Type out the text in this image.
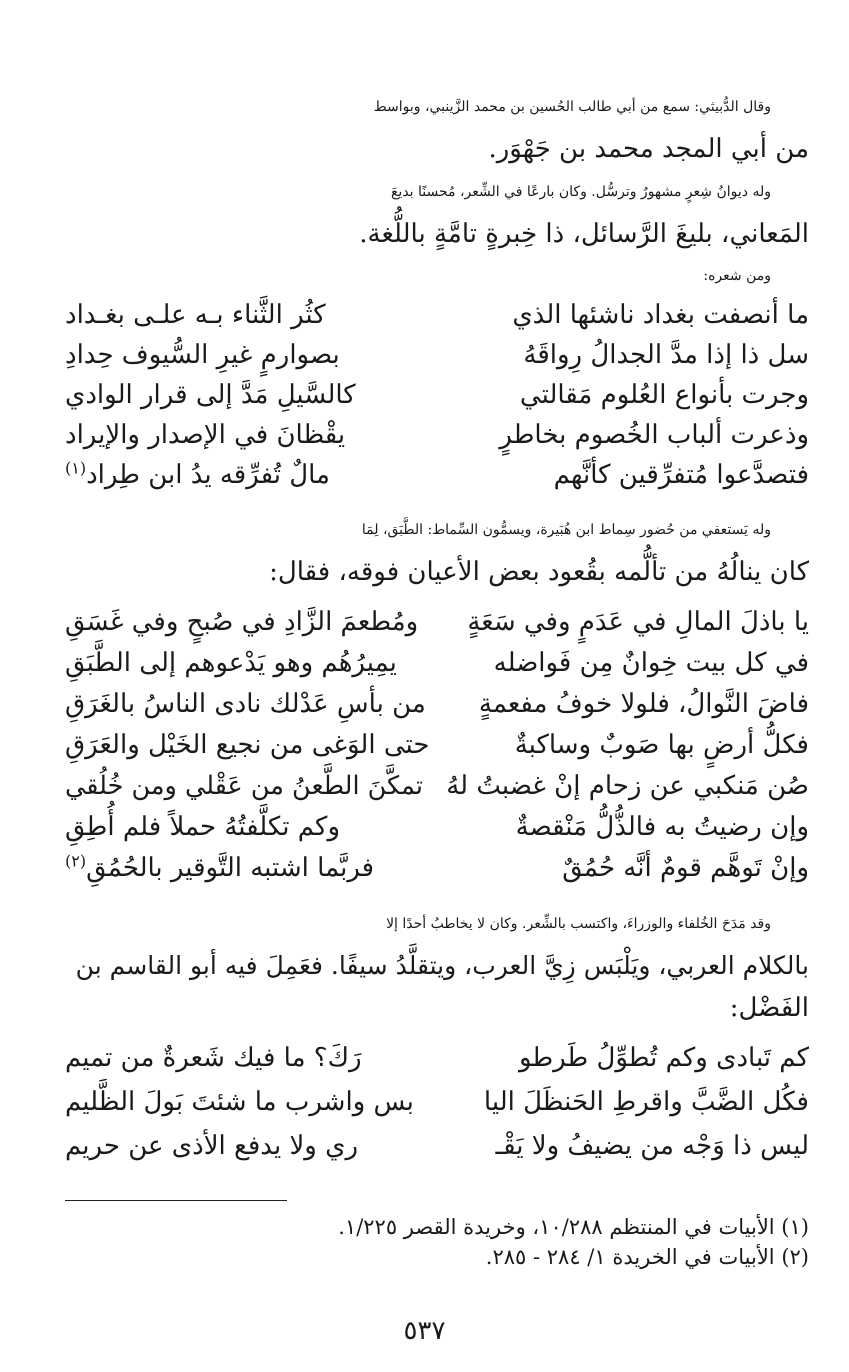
وقال الدُّبيثي: سمع من أبي طالب الحُسين بن محمد الزَّينبي، وبواسط
من أبي المجد محمد بن جَهْوَر.
وله ديوانُ شِعرٍ مشهورٌ وترسُّل. وكان بارعًا في الشِّعر، مُحسنًا بديعَ
المَعاني، بليغَ الرَّسائل، ذا خِبرةٍ تامَّةٍ باللُّغة.
ومن شعره:
ما أنصفت بغداد ناشئها الذي
كثُر الثَّناء بـه علـى بغـداد
سل ذا إذا مدَّ الجدالُ رِواقَهُ
بصوارمٍ غيرِ السُّيوف حِدادِ
وجرت بأنواع العُلوم مَقالتي
كالسَّيلِ مَدَّ إلى قرار الوادي
وذعرت ألباب الخُصوم بخاطرٍ
يقْظانَ في الإصدار والإيراد
فتصدَّعوا مُتفرِّقين كأنَّهم
مالٌ تُفرِّقه يدُ ابن طِراد$^{(١)}$
وله يَستعفي من حُضور سِماط ابن هُبَيرة، ويسمُّون السِّماط: الطَّبَق، لِمَا
كان ينالُهُ من تألُّمه بقُعود بعض الأعيان فوقه، فقال:
يا باذلَ المالِ في عَدَمٍ وفي سَعَةٍ
ومُطعمَ الزَّادِ في صُبحٍ وفي غَسَقِ
في كل بيت خِوانٌ مِن فَواضله
يمِيرُهُم وهو يَدْعوهم إلى الطَّبَقِ
فاضَ النَّوالُ، فلولا خوفُ مفعمةٍ
من بأسِ عَدْلك نادى الناسُ بالغَرَقِ
فكلُّ أرضٍ بها صَوبٌ وساكبةٌ
حتى الوَغى من نجيع الخَيْل والعَرَقِ
صُن مَنكبي عن زحام إنْ غضبتُ لهُ
تمكَّنَ الطَّعنُ من عَقْلي ومن خُلُقي
وإن رضيتُ به فالذُّلُّ مَنْقصةٌ
وكم تكلَّفتُهُ حملاً فلم أُطِقِ
وإنْ تَوهَّم قومٌ أنَّه حُمُقٌ
فربَّما اشتبه التَّوقير بالحُمُقِ$^{(٢)}$
وقد مَدَحَ الخُلفاء والوزراءَ، واكتسب بالشِّعر. وكان لا يخاطبُ أحدًا إلا
بالكلام العربي، ويَلْبَس زِيَّ العرب، ويتقلَّدُ سيفًا. فعَمِلَ فيه أبو القاسم بن
الفَضْل:
كم تَبادى وكم تُطوِّلُ طَرطو
رَكَ؟ ما فيك شَعرةٌ من تميم
فكُل الضَّبَّ واقرطِ الحَنظَلَ اليا
بس واشرب ما شئتَ بَولَ الظَّليم
ليس ذا وَجْه من يضيفُ ولا يَقْـ
ري ولا يدفع الأذى عن حريم
(١) الأبيات في المنتظم ١٠/٢٨٨، وخريدة القصر ١/٢٢٥.
(٢) الأبيات في الخريدة ١/ ٢٨٤ - ٢٨٥.
٥٣٧
